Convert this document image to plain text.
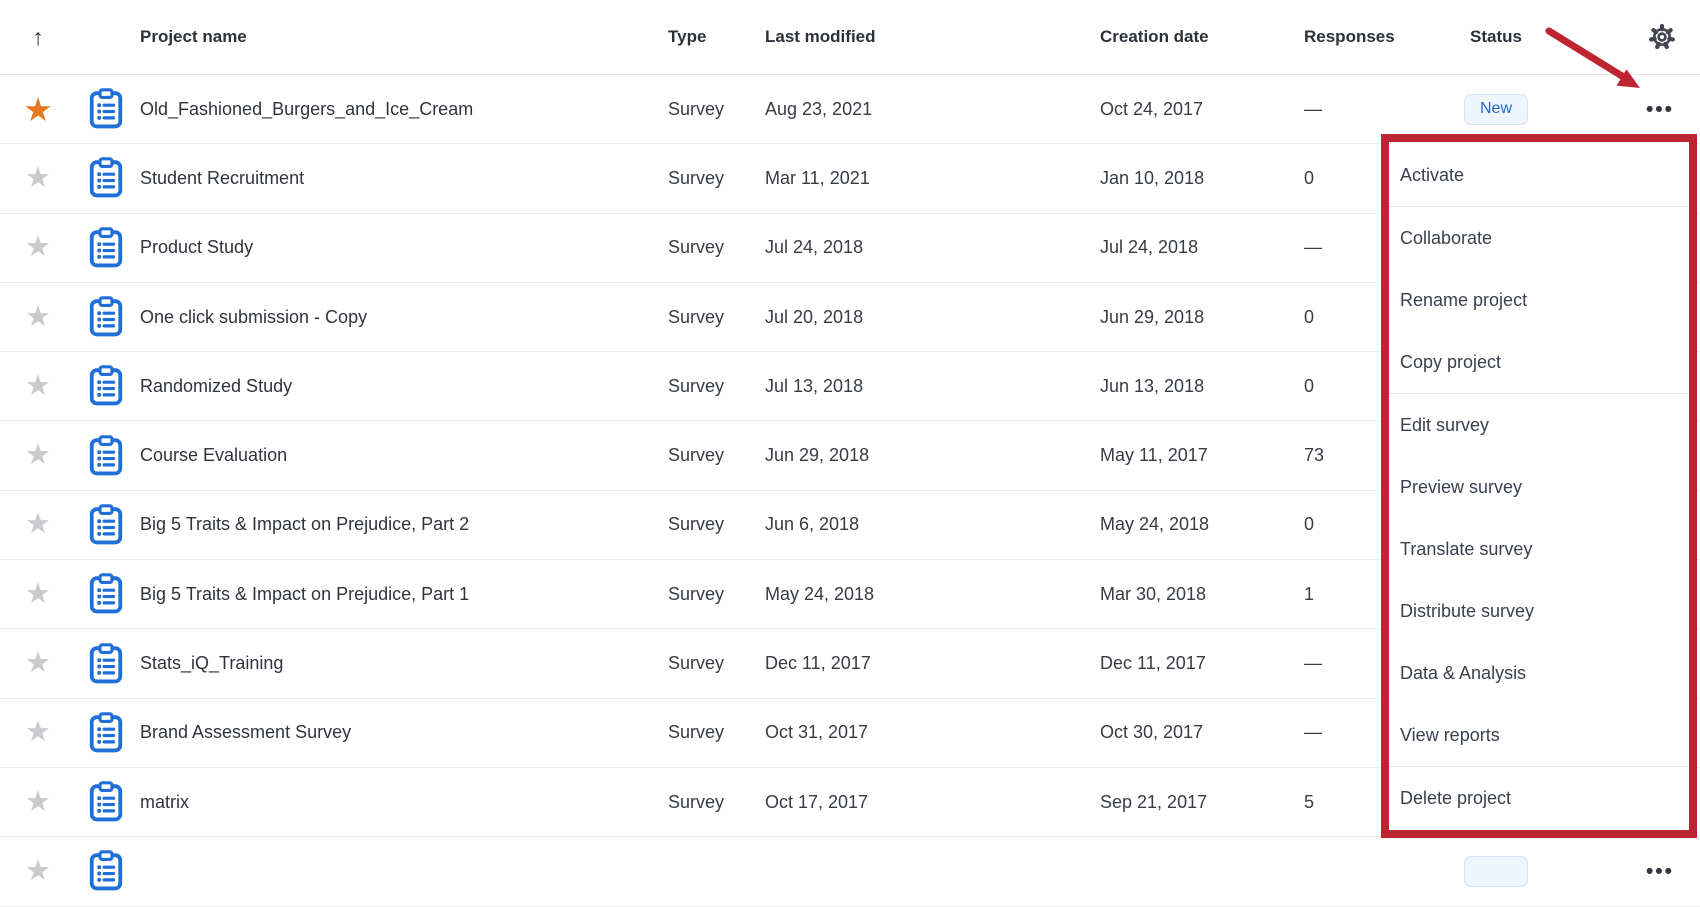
↑	Project name	Type	Last modified	Creation date	Responses	Status
★	Old_Fashioned_Burgers_and_Ice_Cream	Survey	Aug 23, 2021	Oct 24, 2017	—	New	•••
★	Student Recruitment	Survey	Mar 11, 2021	Jan 10, 2018	0
★	Product Study	Survey	Jul 24, 2018	Jul 24, 2018	—
★	One click submission - Copy	Survey	Jul 20, 2018	Jun 29, 2018	0
★	Randomized Study	Survey	Jul 13, 2018	Jun 13, 2018	0
★	Course Evaluation	Survey	Jun 29, 2018	May 11, 2017	73
★	Big 5 Traits & Impact on Prejudice, Part 2	Survey	Jun 6, 2018	May 24, 2018	0
★	Big 5 Traits & Impact on Prejudice, Part 1	Survey	May 24, 2018	Mar 30, 2018	1
★	Stats_iQ_Training	Survey	Dec 11, 2017	Dec 11, 2017	—
★	Brand Assessment Survey	Survey	Oct 31, 2017	Oct 30, 2017	—
★	matrix	Survey	Oct 17, 2017	Sep 21, 2017	5
★	•••
Activate
Collaborate
Rename project
Copy project
Edit survey
Preview survey
Translate survey
Distribute survey
Data & Analysis
View reports
Delete project
